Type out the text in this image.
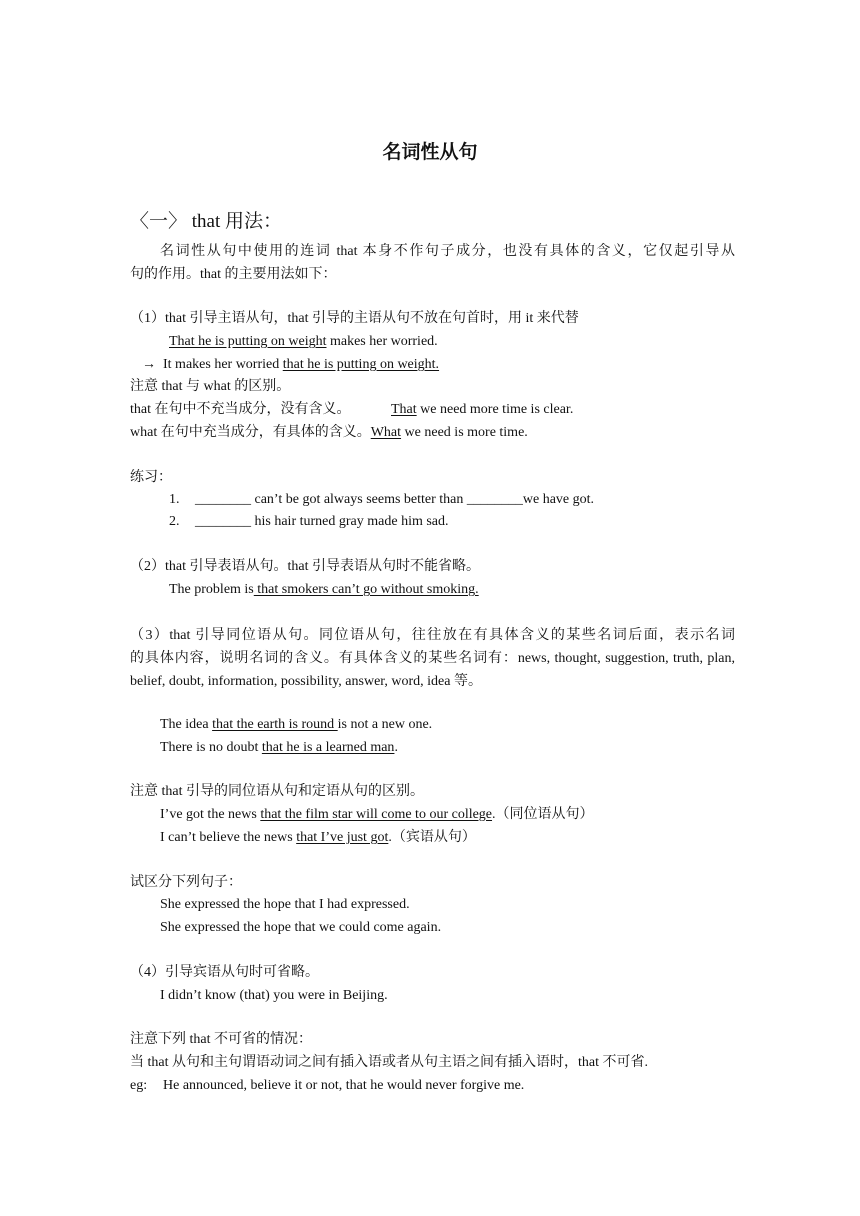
名词性从句
〈一〉 that 用法：
名词性从句中使用的连词 that 本身不作句子成分，也没有具体的含义，它仅起引导从
句的作用。that 的主要用法如下：
（1）that 引导主语从句，that 引导的主语从句不放在句首时，用 it 来代替
That he is putting on weight makes her worried.
→ It makes her worried that he is putting on weight.
注意 that 与 what 的区别。
that 在句中不充当成分，没有含义。	That we need more time is clear.
what 在句中充当成分，有具体的含义。What we need is more time.
练习：
1. ________ can’t be got always seems better than ________we have got.
2. ________ his hair turned gray made him sad.
（2）that 引导表语从句。that 引导表语从句时不能省略。
The problem is that smokers can’t go without smoking.
（3）that 引导同位语从句。同位语从句，往往放在有具体含义的某些名词后面，表示名词
的具体内容，说明名词的含义。有具体含义的某些名词有：news, thought, suggestion, truth, plan,
belief, doubt, information, possibility, answer, word, idea 等。
The idea that the earth is round is not a new one.
There is no doubt that he is a learned man.
注意 that 引导的同位语从句和定语从句的区别。
I’ve got the news that the film star will come to our college.（同位语从句）
I can’t believe the news that I’ve just got.（宾语从句）
试区分下列句子：
She expressed the hope that I had expressed.
She expressed the hope that we could come again.
（4）引导宾语从句时可省略。
I didn’t know (that) you were in Beijing.
注意下列 that 不可省的情况：
当 that 从句和主句谓语动词之间有插入语或者从句主语之间有插入语时，that 不可省.
eg: He announced, believe it or not, that he would never forgive me.
